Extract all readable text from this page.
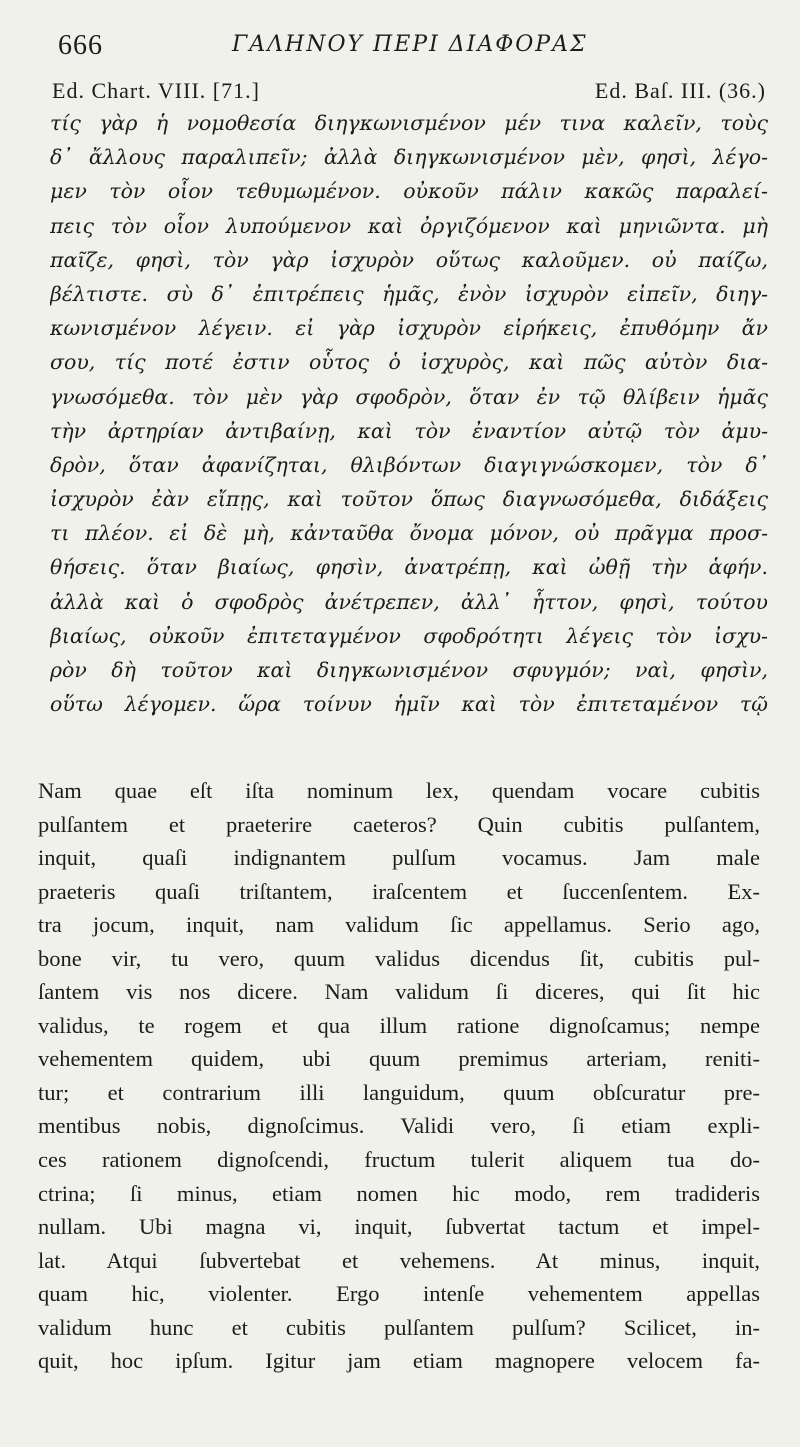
666	ΓΑΛΗΝΟΥ ΠΕΡΙ ΔΙΑΦΟΡΑΣ
Ed. Chart. VIII. [71.]	Ed. Baſ. III. (36.)
τίς γὰρ ἡ νομοθεσία διηγκωνισμένον μέν τινα καλεῖν, τοὺς
δ᾽ ἄλλους παραλιπεῖν; ἀλλὰ διηγκωνισμένον μὲν, φησὶ, λέγο-
μεν τὸν οἷον τεθυμωμένον. οὐκοῦν πάλιν κακῶς παραλεί-
πεις τὸν οἷον λυπούμενον καὶ ὀργιζόμενον καὶ μηνιῶντα. μὴ
παῖζε, φησὶ, τὸν γὰρ ἰσχυρὸν οὕτως καλοῦμεν. οὐ παίζω,
βέλτιστε. σὺ δ᾽ ἐπιτρέπεις ἡμᾶς, ἐνὸν ἰσχυρὸν εἰπεῖν, διηγ-
κωνισμένον λέγειν. εἰ γὰρ ἰσχυρὸν εἰρήκεις, ἐπυθόμην ἄν
σου, τίς ποτέ ἐστιν οὗτος ὁ ἰσχυρὸς, καὶ πῶς αὐτὸν δια-
γνωσόμεθα. τὸν μὲν γὰρ σφοδρὸν, ὅταν ἐν τῷ θλίβειν ἡμᾶς
τὴν ἀρτηρίαν ἀντιβαίνῃ, καὶ τὸν ἐναντίον αὐτῷ τὸν ἀμυ-
δρὸν, ὅταν ἀφανίζηται, θλιβόντων διαγιγνώσκομεν, τὸν δ᾽
ἰσχυρὸν ἐὰν εἴπῃς, καὶ τοῦτον ὅπως διαγνωσόμεθα, διδάξεις
τι πλέον. εἰ δὲ μὴ, κἀνταῦθα ὄνομα μόνον, οὐ πρᾶγμα προσ-
θήσεις. ὅταν βιαίως, φησὶν, ἀνατρέπῃ, καὶ ὠθῇ τὴν ἁφήν.
ἀλλὰ καὶ ὁ σφοδρὸς ἀνέτρεπεν, ἀλλ᾽ ἧττον, φησὶ, τούτου
βιαίως, οὐκοῦν ἐπιτεταγμένον σφοδρότητι λέγεις τὸν ἰσχυ-
ρὸν δὴ τοῦτον καὶ διηγκωνισμένον σφυγμόν; ναὶ, φησὶν,
οὕτω λέγομεν. ὥρα τοίνυν ἡμῖν καὶ τὸν ἐπιτεταμένον τῷ
Nam quae eſt iſta nominum lex, quendam vocare cubitis
pulſantem et praeterire caeteros? Quin cubitis pulſantem,
inquit, quaſi indignantem pulſum vocamus. Jam male
praeteris quaſi triſtantem, iraſcentem et ſuccenſentem. Ex-
tra jocum, inquit, nam validum ſic appellamus. Serio ago,
bone vir, tu vero, quum validus dicendus ſit, cubitis pul-
ſantem vis nos dicere. Nam validum ſi diceres, qui ſit hic
validus, te rogem et qua illum ratione dignoſcamus; nempe
vehementem quidem, ubi quum premimus arteriam, reniti-
tur; et contrarium illi languidum, quum obſcuratur pre-
mentibus nobis, dignoſcimus. Validi vero, ſi etiam expli-
ces rationem dignoſcendi, fructum tulerit aliquem tua do-
ctrina; ſi minus, etiam nomen hic modo, rem tradideris
nullam. Ubi magna vi, inquit, ſubvertat tactum et impel-
lat. Atqui ſubvertebat et vehemens. At minus, inquit,
quam hic, violenter. Ergo intenſe vehementem appellas
validum hunc et cubitis pulſantem pulſum? Scilicet, in-
quit, hoc ipſum. Igitur jam etiam magnopere velocem fa-
